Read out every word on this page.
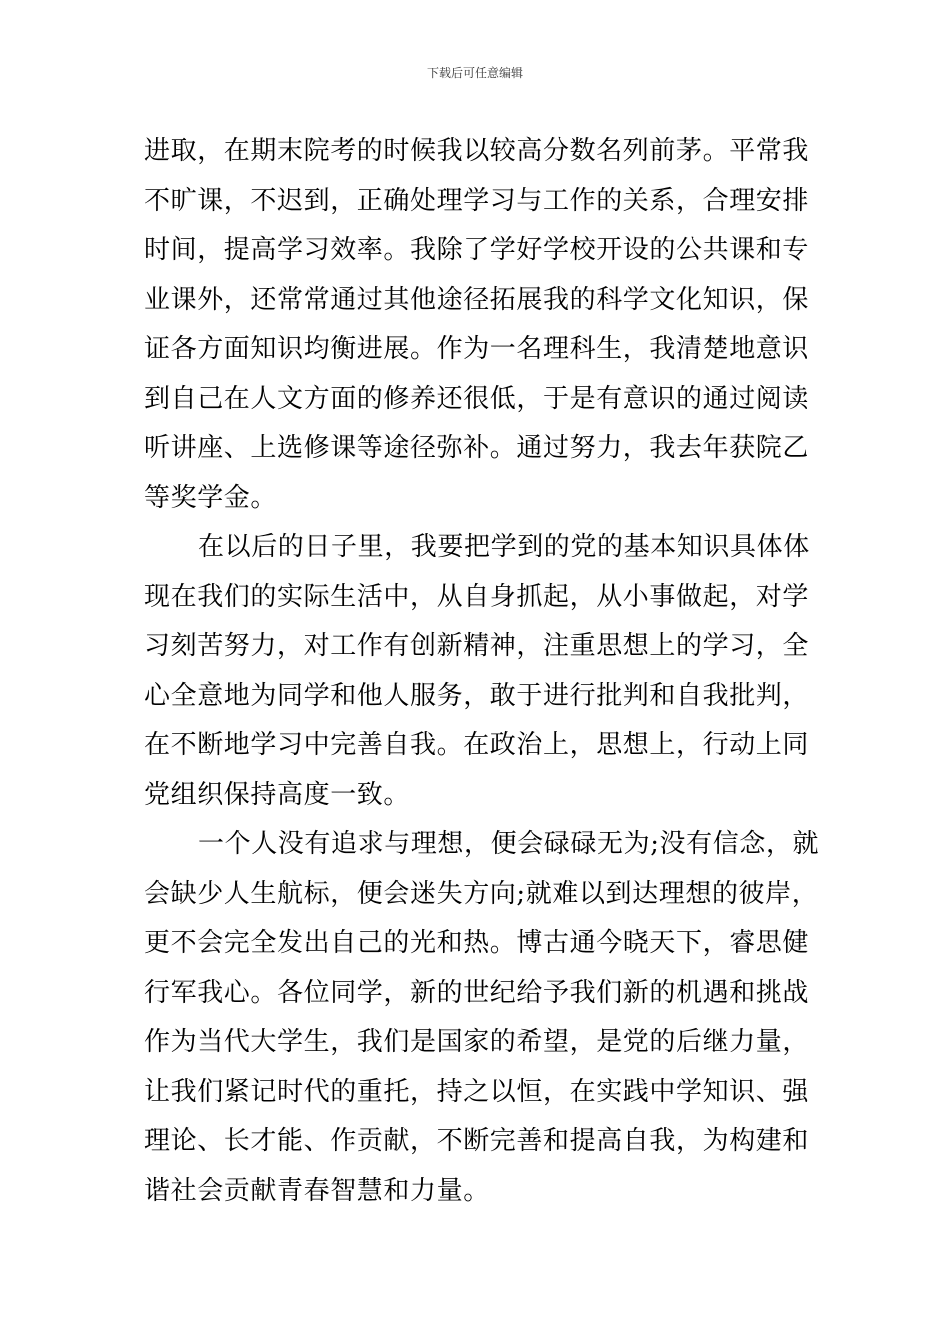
下载后可任意编辑
进取，在期末院考的时候我以较高分数名列前茅。平常我
不旷课，不迟到，正确处理学习与工作的关系，合理安排
时间，提高学习效率。我除了学好学校开设的公共课和专
业课外，还常常通过其他途径拓展我的科学文化知识，保
证各方面知识均衡进展。作为一名理科生，我清楚地意识
到自己在人文方面的修养还很低，于是有意识的通过阅读
听讲座、上选修课等途径弥补。通过努力，我去年获院乙
等奖学金。
在以后的日子里，我要把学到的党的基本知识具体体
现在我们的实际生活中，从自身抓起，从小事做起，对学
习刻苦努力，对工作有创新精神，注重思想上的学习，全
心全意地为同学和他人服务，敢于进行批判和自我批判，
在不断地学习中完善自我。在政治上，思想上，行动上同
党组织保持高度一致。
一个人没有追求与理想，便会碌碌无为;没有信念，就
会缺少人生航标，便会迷失方向;就难以到达理想的彼岸，
更不会完全发出自己的光和热。博古通今晓天下，睿思健
行军我心。各位同学，新的世纪给予我们新的机遇和挑战
作为当代大学生，我们是国家的希望，是党的后继力量，
让我们紧记时代的重托，持之以恒，在实践中学知识、强
理论、长才能、作贡献，不断完善和提高自我，为构建和
谐社会贡献青春智慧和力量。
